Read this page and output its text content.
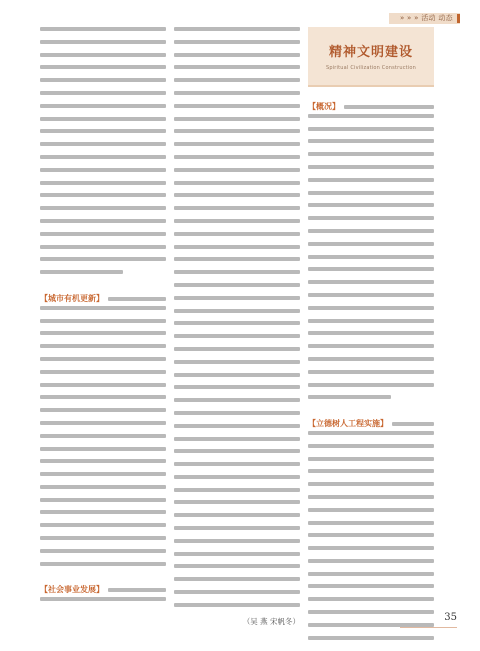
» » » 活动 动态
【城市有机更新】
【社会事业发展】
（吴 燕 宋帆冬）
精神文明建设
Spiritual Civilization Construction
【概况】
【立德树人工程实施】
35
